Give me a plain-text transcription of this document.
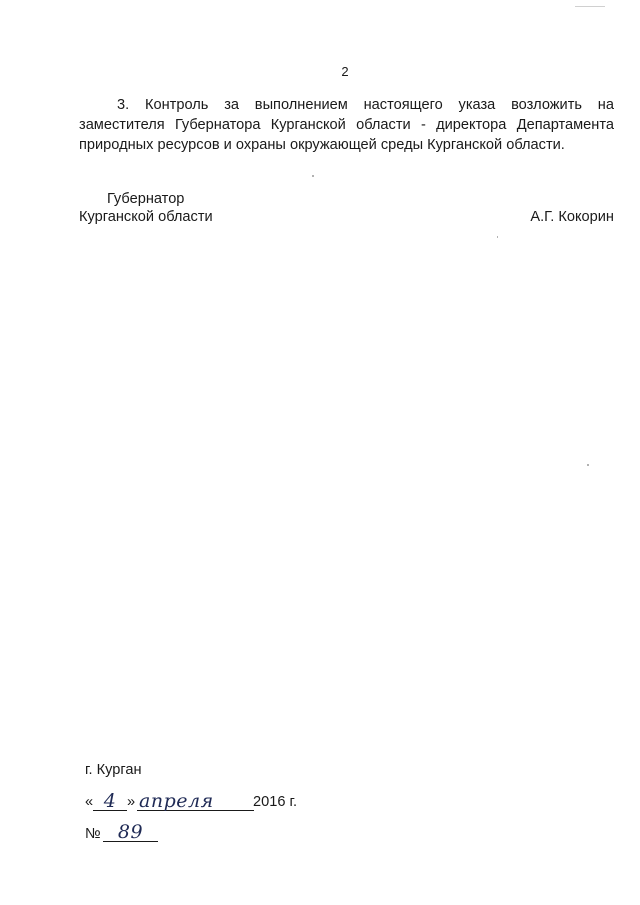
2

3. Контроль за выполнением настоящего указа возложить на заместителя Губернатора Курганской области - директора Департамента природных ресурсов и охраны окружающей среды Курганской области.

Губернатор
Курганской области	А.Г. Кокорин
г. Курган
« 4 » апреля	2016 г.
№ 89
